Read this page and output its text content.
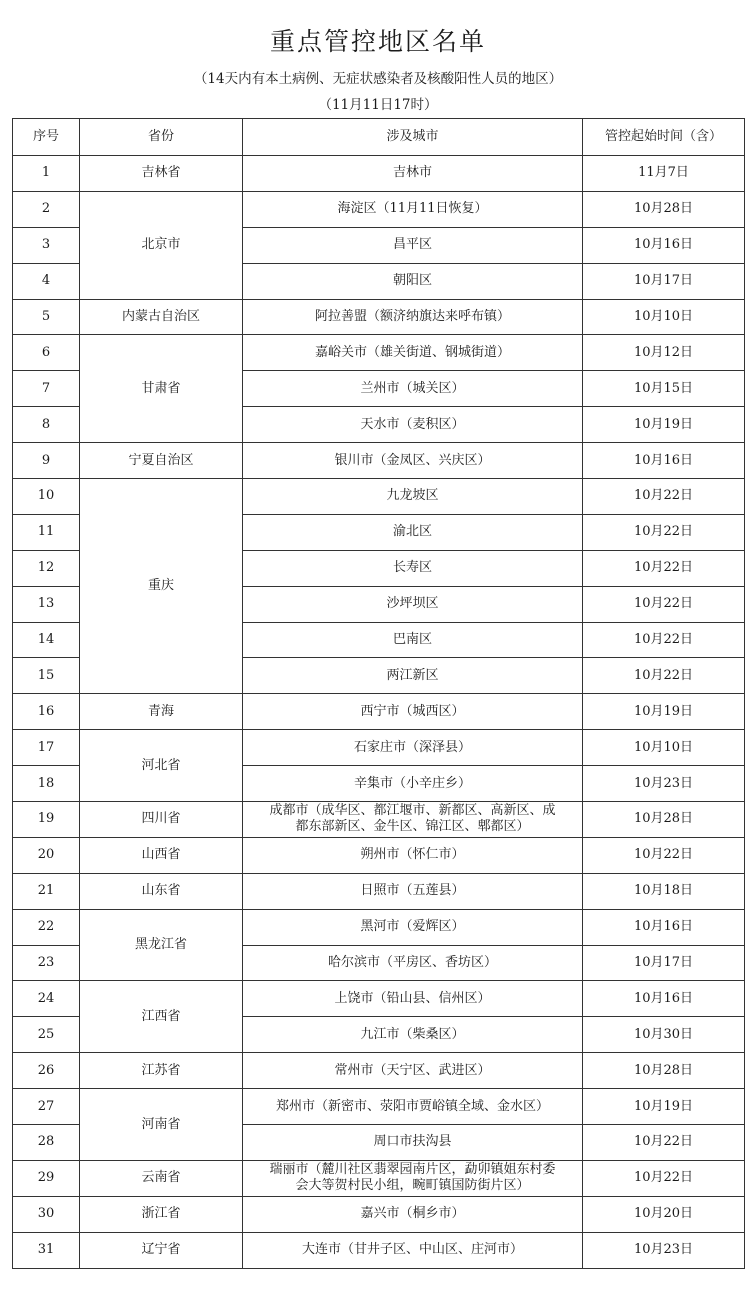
重点管控地区名单
（14天内有本土病例、无症状感染者及核酸阳性人员的地区）
（11月11日17时）
序号	省份	涉及城市	管控起始时间（含）
1	吉林省	吉林市	11月7日
2	北京市	海淀区（11月11日恢复）	10月28日
3		昌平区	10月16日
4		朝阳区	10月17日
5	内蒙古自治区	阿拉善盟（额济纳旗达来呼布镇）	10月10日
6	甘肃省	嘉峪关市（雄关街道、钢城街道）	10月12日
7		兰州市（城关区）	10月15日
8		天水市（麦积区）	10月19日
9	宁夏自治区	银川市（金凤区、兴庆区）	10月16日
10	重庆	九龙坡区	10月22日
11		渝北区	10月22日
12		长寿区	10月22日
13		沙坪坝区	10月22日
14		巴南区	10月22日
15		两江新区	10月22日
16	青海	西宁市（城西区）	10月19日
17	河北省	石家庄市（深泽县）	10月10日
18		辛集市（小辛庄乡）	10月23日
19	四川省	成都市（成华区、都江堰市、新都区、高新区、成
都东部新区、金牛区、锦江区、郫都区）	10月28日
20	山西省	朔州市（怀仁市）	10月22日
21	山东省	日照市（五莲县）	10月18日
22	黑龙江省	黑河市（爱辉区）	10月16日
23		哈尔滨市（平房区、香坊区）	10月17日
24	江西省	上饶市（铅山县、信州区）	10月16日
25		九江市（柴桑区）	10月30日
26	江苏省	常州市（天宁区、武进区）	10月28日
27	河南省	郑州市（新密市、荥阳市贾峪镇全域、金水区）	10月19日
28		周口市扶沟县	10月22日
29	云南省	瑞丽市（麓川社区翡翠园南片区，勐卯镇姐东村委
会大等贺村民小组，畹町镇国防街片区）	10月22日
30	浙江省	嘉兴市（桐乡市）	10月20日
31	辽宁省	大连市（甘井子区、中山区、庄河市）	10月23日
